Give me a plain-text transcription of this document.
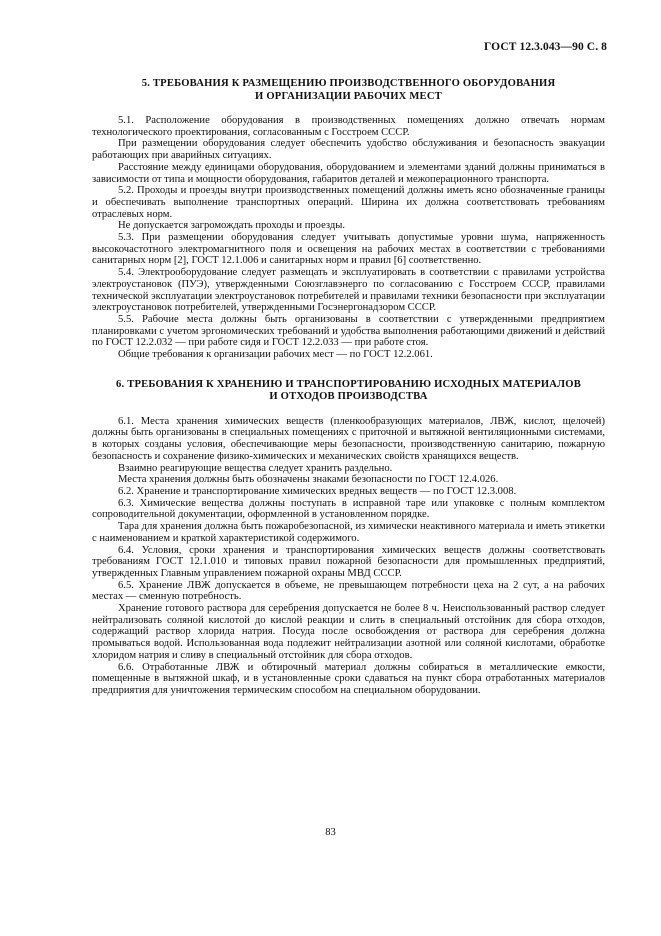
ГОСТ 12.3.043—90 С. 8
5. ТРЕБОВАНИЯ К РАЗМЕЩЕНИЮ ПРОИЗВОДСТВЕННОГО ОБОРУДОВАНИЯ
И ОРГАНИЗАЦИИ РАБОЧИХ МЕСТ

5.1. Расположение оборудования в производственных помещениях должно отвечать нормам технологического проектирования, согласованным с Госстроем СССР.

При размещении оборудования следует обеспечить удобство обслуживания и безопасность эвакуации работающих при аварийных ситуациях.

Расстояние между единицами оборудования, оборудованием и элементами зданий должны приниматься в зависимости от типа и мощности оборудования, габаритов деталей и межоперационного транспорта.

5.2. Проходы и проезды внутри производственных помещений должны иметь ясно обозначенные границы и обеспечивать выполнение транспортных операций. Ширина их должна соответствовать требованиям отраслевых норм.

Не допускается загромождать проходы и проезды.

5.3. При размещении оборудования следует учитывать допустимые уровни шума, напряженность высокочастотного электромагнитного поля и освещения на рабочих местах в соответствии с требованиями санитарных норм [2], ГОСТ 12.1.006 и санитарных норм и правил [6] соответственно.

5.4. Электрооборудование следует размещать и эксплуатировать в соответствии с правилами устройства электроустановок (ПУЭ), утвержденными Союзглавэнерго по согласованию с Госстроем СССР, правилами технической эксплуатации электроустановок потребителей и правилами техники безопасности при эксплуатации электроустановок потребителей, утвержденными Госэнергонадзором СССР.

5.5. Рабочие места должны быть организованы в соответствии с утвержденными предприятием планировками с учетом эргономических требований и удобства выполнения работающими движений и действий по ГОСТ 12.2.032 — при работе сидя и ГОСТ 12.2.033 — при работе стоя.

Общие требования к организации рабочих мест — по ГОСТ 12.2.061.

6. ТРЕБОВАНИЯ К ХРАНЕНИЮ И ТРАНСПОРТИРОВАНИЮ ИСХОДНЫХ МАТЕРИАЛОВ
И ОТХОДОВ ПРОИЗВОДСТВА

6.1. Места хранения химических веществ (пленкообразующих материалов, ЛВЖ, кислот, щелочей) должны быть организованы в специальных помещениях с приточной и вытяжной вентиляционными системами, в которых созданы условия, обеспечивающие меры безопасности, производственную санитарию, пожарную безопасность и сохранение физико-химических и механических свойств хранящихся веществ.

Взаимно реагирующие вещества следует хранить раздельно.

Места хранения должны быть обозначены знаками безопасности по ГОСТ 12.4.026.

6.2. Хранение и транспортирование химических вредных веществ — по ГОСТ 12.3.008.

6.3. Химические вещества должны поступать в исправной таре или упаковке с полным комплектом сопроводительной документации, оформленной в установленном порядке.

Тара для хранения должна быть пожаробезопасной, из химически неактивного материала и иметь этикетки с наименованием и краткой характеристикой содержимого.

6.4. Условия, сроки хранения и транспортирования химических веществ должны соответствовать требованиям ГОСТ 12.1.010 и типовых правил пожарной безопасности для промышленных предприятий, утвержденных Главным управлением пожарной охраны МВД СССР.

6.5. Хранение ЛВЖ допускается в объеме, не превышающем потребности цеха на 2 сут, а на рабочих местах — сменную потребность.

Хранение готового раствора для серебрения допускается не более 8 ч. Неиспользованный раствор следует нейтрализовать соляной кислотой до кислой реакции и слить в специальный отстойник для сбора отходов, содержащий раствор хлорида натрия. Посуда после освобождения от раствора для серебрения должна промываться водой. Использованная вода подлежит нейтрализации азотной или соляной кислотами, обработке хлоридом натрия и сливу в специальный отстойник для сбора отходов.

6.6. Отработанные ЛВЖ и обтирочный материал должны собираться в металлические емкости, помещенные в вытяжной шкаф, и в установленные сроки сдаваться на пункт сбора отработанных материалов предприятия для уничтожения термическим способом на специальном оборудовании.

83
